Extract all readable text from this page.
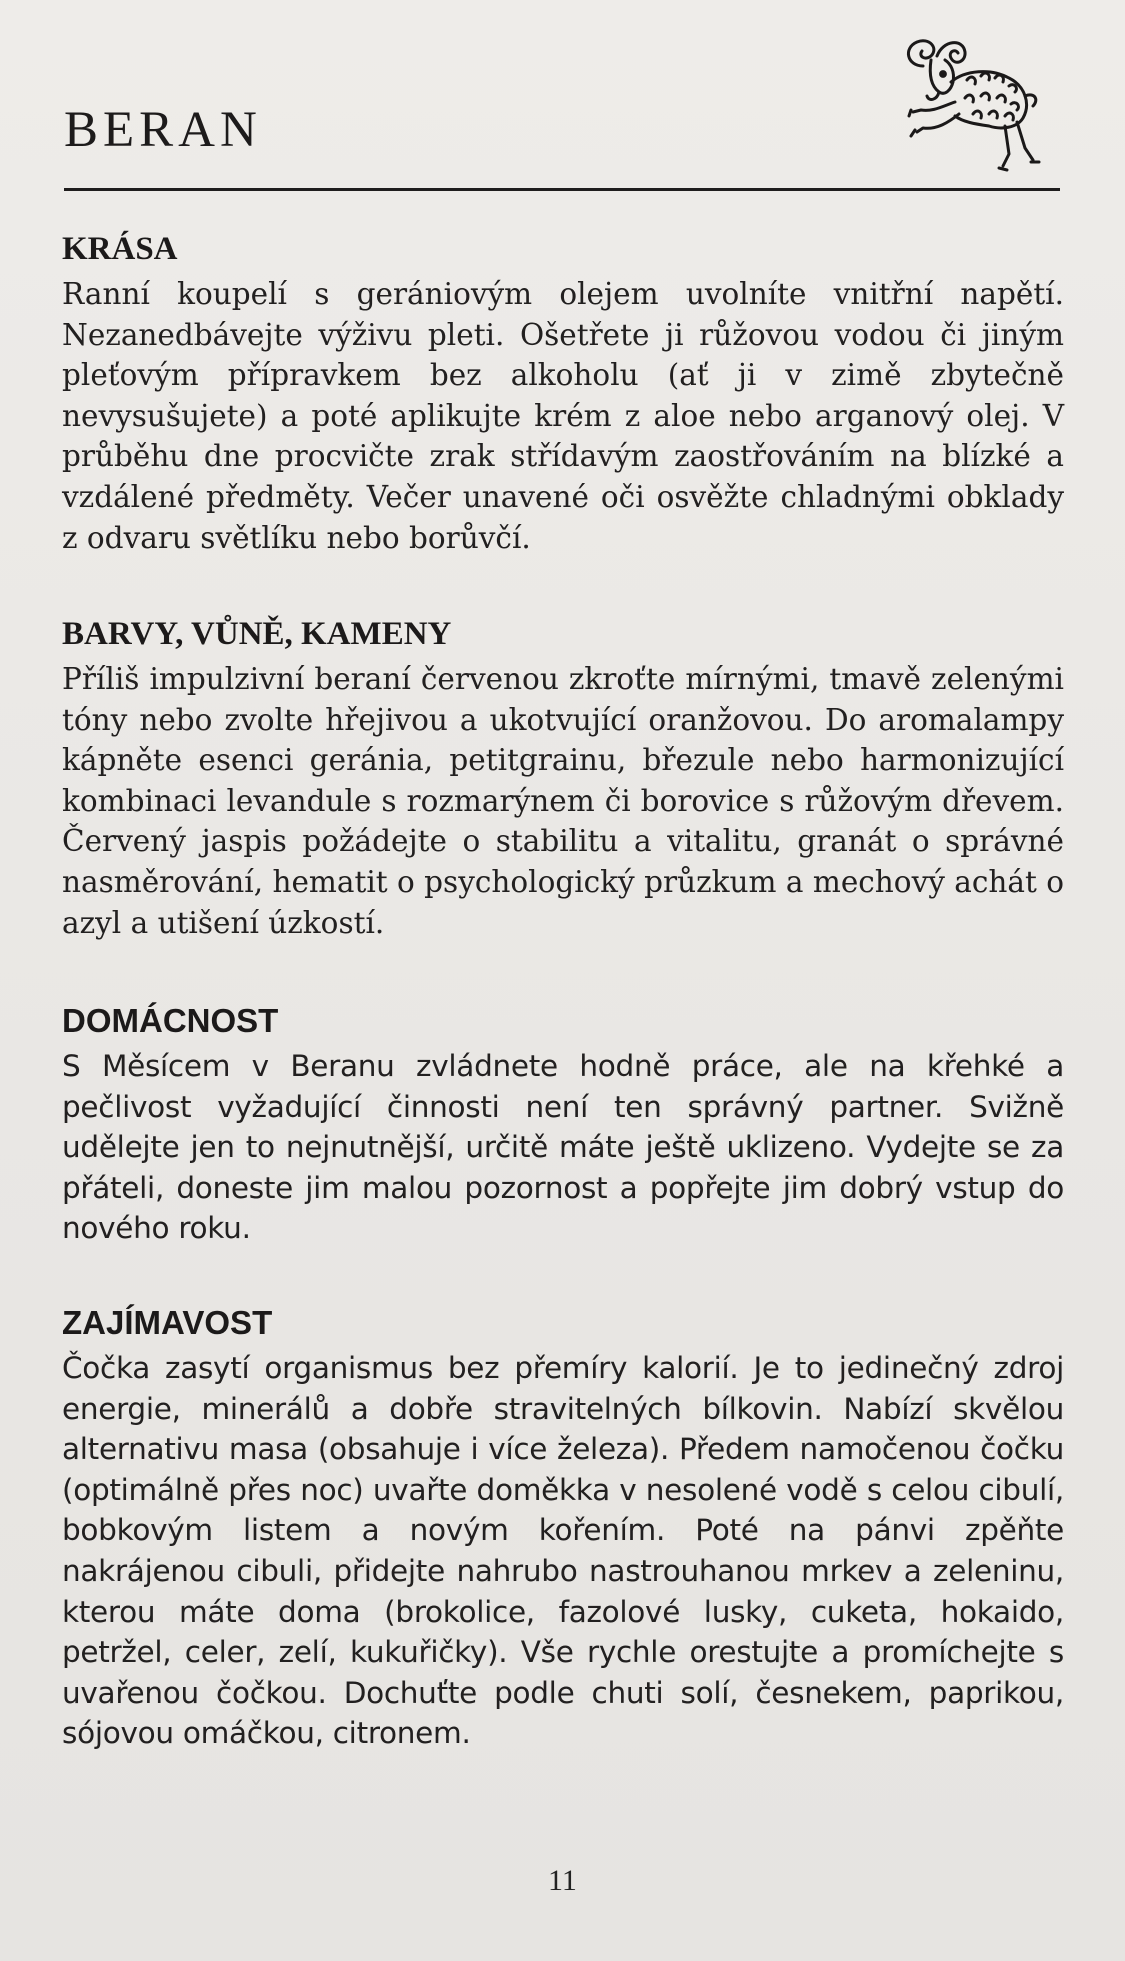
BERAN
KRÁSA

Ranní koupelí s gerániovým olejem uvolníte vnitřní napětí. Nezanedbávejte výživu pleti. Ošetřete ji růžovou vodou či jiným pleťovým přípravkem bez alkoholu (ať ji v zimě zbytečně nevysušujete) a poté aplikujte krém z aloe nebo arganový olej. V průběhu dne procvičte zrak střídavým zaostřováním na blízké a vzdálené předměty. Večer unavené oči osvěžte chladnými obklady z odvaru světlíku nebo borůvčí.

BARVY, VŮNĚ, KAMENY

Příliš impulzivní beraní červenou zkroťte mírnými, tmavě zelenými tóny nebo zvolte hřejivou a ukotvující oranžovou. Do aromalampy kápněte esenci geránia, petitgrainu, březule nebo harmonizující kombinaci levandule s rozmarýnem či borovice s růžovým dřevem. Červený jaspis požádejte o stabilitu a vitalitu, granát o správné nasměrování, hematit o psychologický průzkum a mechový achát o azyl a utišení úzkostí.

DOMÁCNOST

S Měsícem v Beranu zvládnete hodně práce, ale na křehké a pečlivost vyžadující činnosti není ten správný partner. Svižně udělejte jen to nejnutnější, určitě máte ještě uklizeno. Vydejte se za přáteli, doneste jim malou pozornost a popřejte jim dobrý vstup do nového roku.

ZAJÍMAVOST

Čočka zasytí organismus bez přemíry kalorií. Je to jedinečný zdroj energie, minerálů a dobře stravitelných bílkovin. Nabízí skvělou alternativu masa (obsahuje i více železa). Předem namočenou čočku (optimálně přes noc) uvařte doměkka v nesolené vodě s celou cibulí, bobkovým listem a novým kořením. Poté na pánvi zpěňte nakrájenou cibuli, přidejte nahrubo nastrouhanou mrkev a zeleninu, kterou máte doma (brokolice, fazolové lusky, cuketa, hokaido, petržel, celer, zelí, kukuřičky). Vše rychle orestujte a promíchejte s uvařenou čočkou. Dochuťte podle chuti solí, česnekem, paprikou, sójovou omáčkou, citronem.

11
